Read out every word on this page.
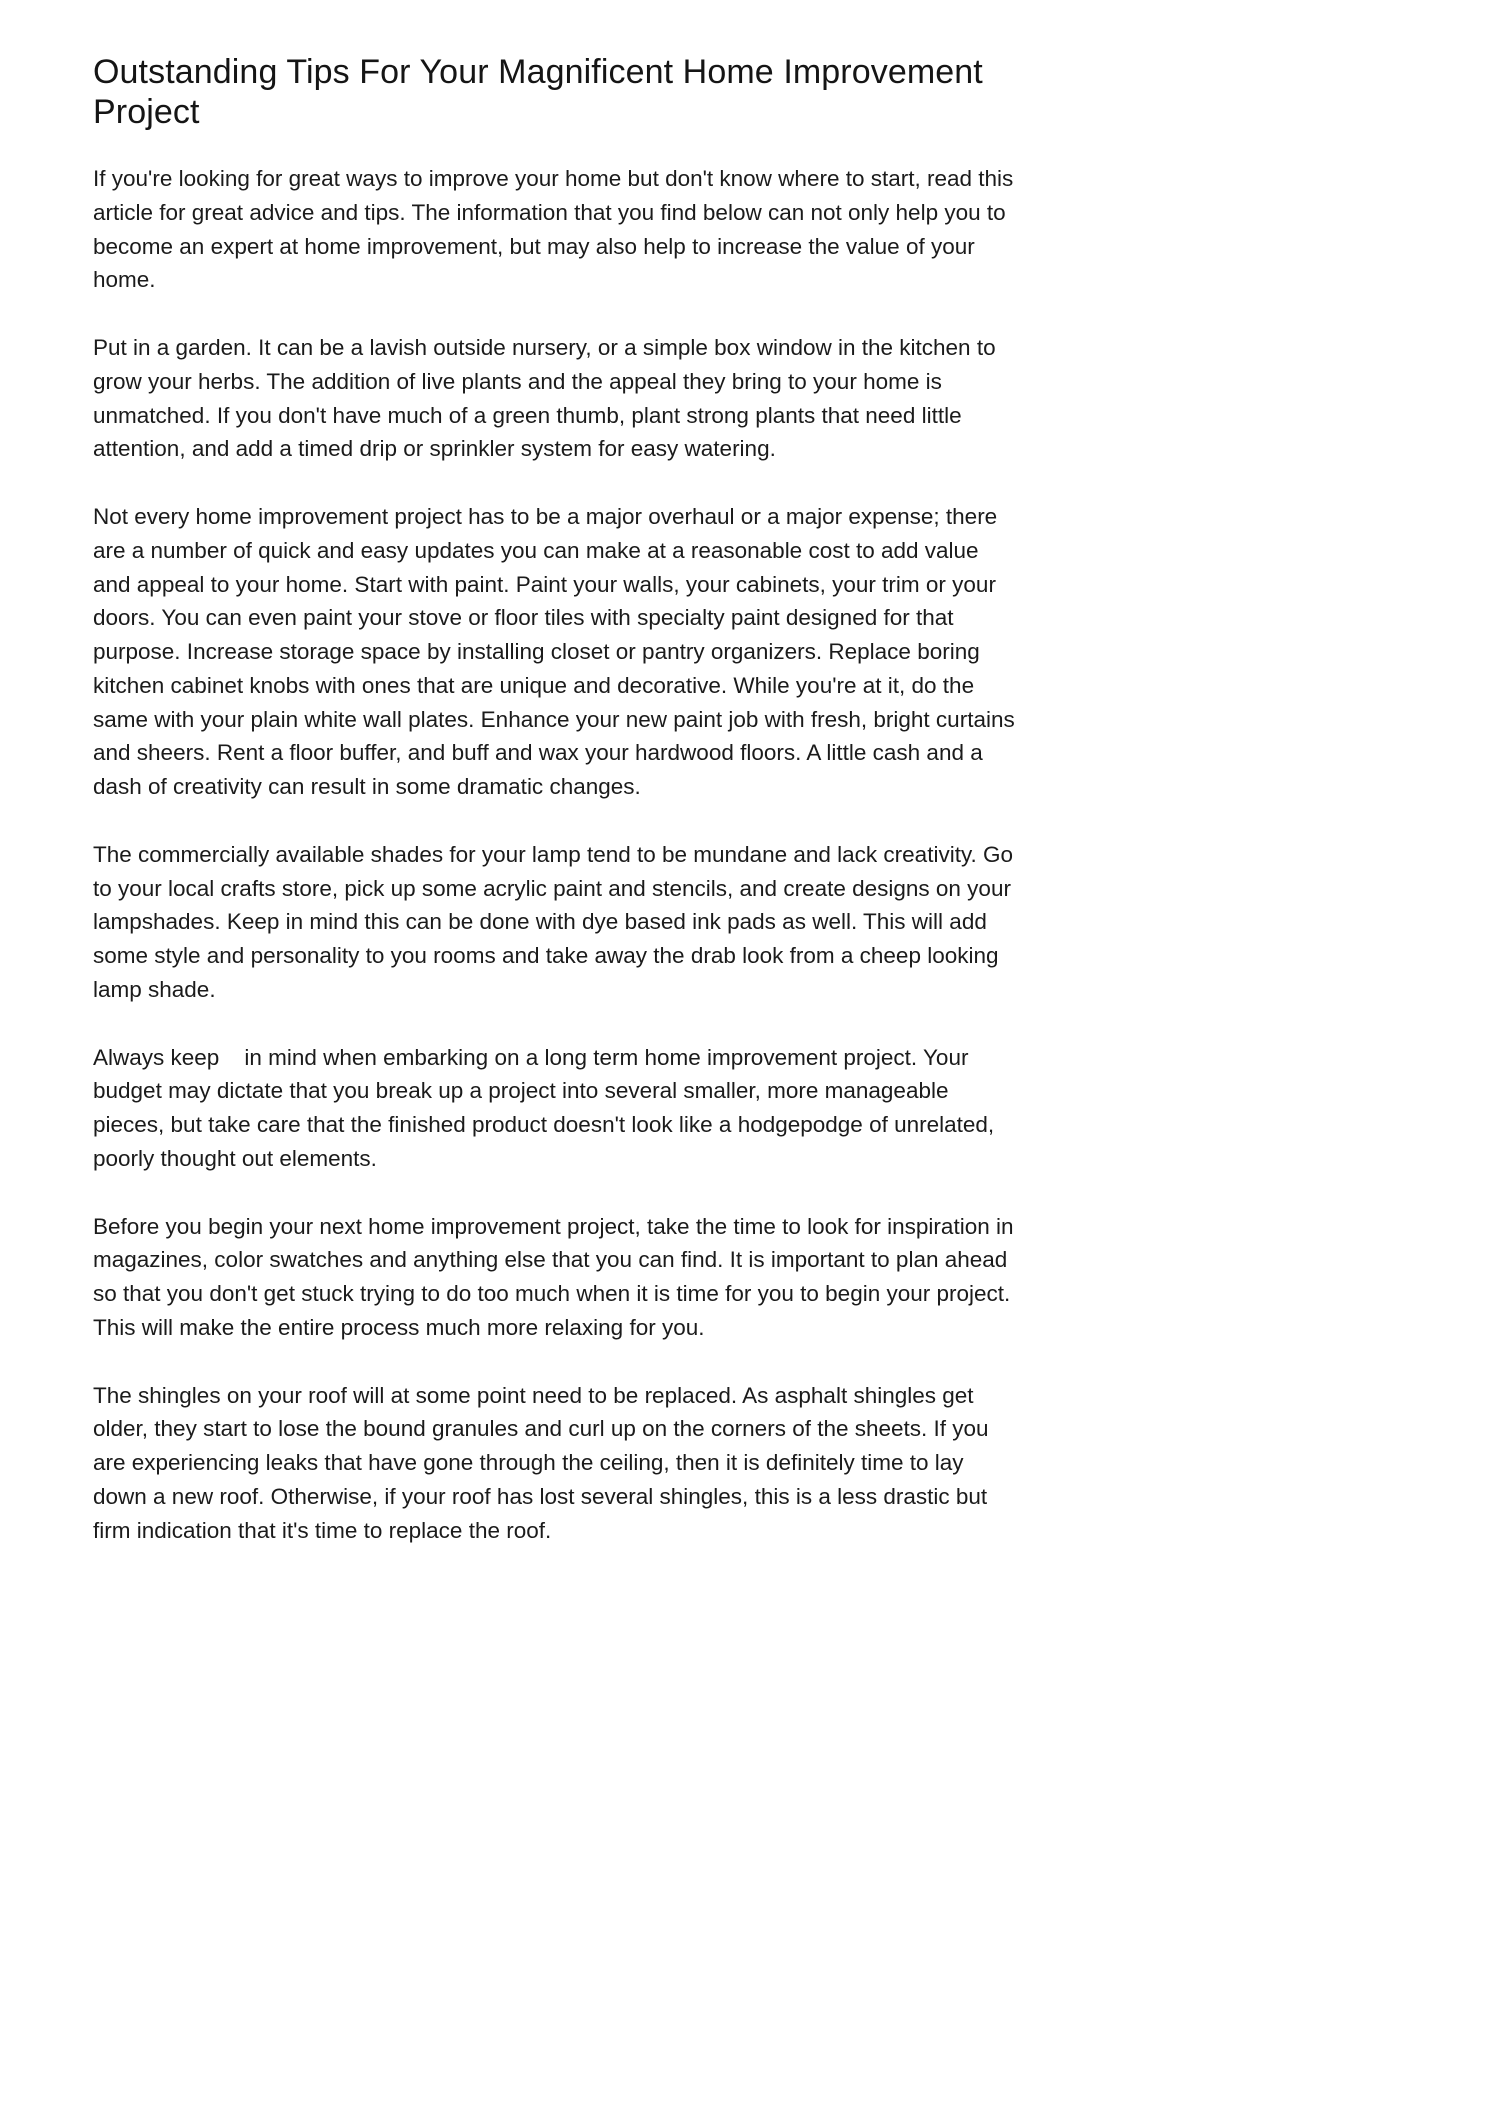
Outstanding Tips For Your Magnificent Home Improvement Project

If you're looking for great ways to improve your home but don't know where to start, read this article for great advice and tips. The information that you find below can not only help you to become an expert at home improvement, but may also help to increase the value of your home.

Put in a garden. It can be a lavish outside nursery, or a simple box window in the kitchen to grow your herbs. The addition of live plants and the appeal they bring to your home is unmatched. If you don't have much of a green thumb, plant strong plants that need little attention, and add a timed drip or sprinkler system for easy watering.

Not every home improvement project has to be a major overhaul or a major expense; there are a number of quick and easy updates you can make at a reasonable cost to add value and appeal to your home. Start with paint. Paint your walls, your cabinets, your trim or your doors. You can even paint your stove or floor tiles with specialty paint designed for that purpose. Increase storage space by installing closet or pantry organizers. Replace boring kitchen cabinet knobs with ones that are unique and decorative. While you're at it, do the same with your plain white wall plates. Enhance your new paint job with fresh, bright curtains and sheers. Rent a floor buffer, and buff and wax your hardwood floors. A little cash and a dash of creativity can result in some dramatic changes.

The commercially available shades for your lamp tend to be mundane and lack creativity. Go to your local crafts store, pick up some acrylic paint and stencils, and create designs on your lampshades. Keep in mind this can be done with dye based ink pads as well. This will add some style and personality to you rooms and take away the drab look from a cheep looking lamp shade.

Always keep    in mind when embarking on a long term home improvement project. Your budget may dictate that you break up a project into several smaller, more manageable pieces, but take care that the finished product doesn't look like a hodgepodge of unrelated, poorly thought out elements.

Before you begin your next home improvement project, take the time to look for inspiration in magazines, color swatches and anything else that you can find. It is important to plan ahead so that you don't get stuck trying to do too much when it is time for you to begin your project. This will make the entire process much more relaxing for you.

The shingles on your roof will at some point need to be replaced. As asphalt shingles get older, they start to lose the bound granules and curl up on the corners of the sheets. If you are experiencing leaks that have gone through the ceiling, then it is definitely time to lay down a new roof. Otherwise, if your roof has lost several shingles, this is a less drastic but firm indication that it's time to replace the roof.
